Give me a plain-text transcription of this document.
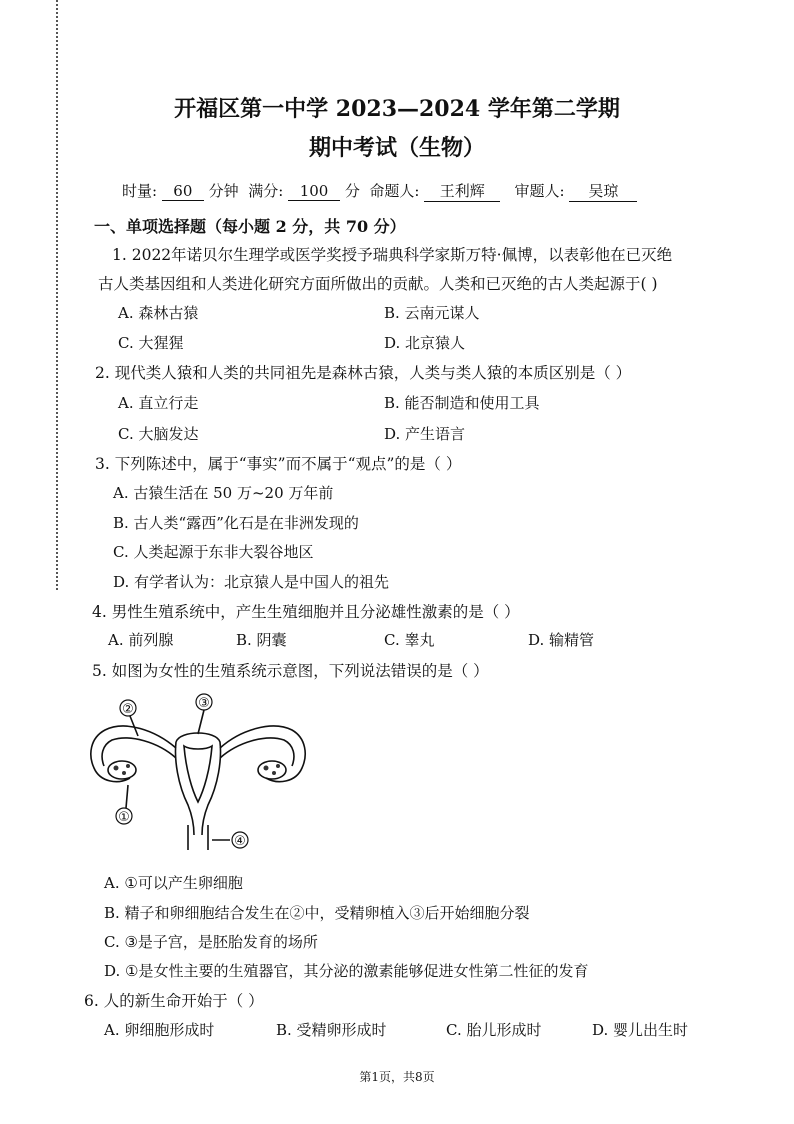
开福区第一中学 2023—2024 学年第二学期
期中考试（生物）
时量: 60 分钟 满分: 100 分 命题人: 王利辉 审题人: 吴琼
一、单项选择题（每小题 2 分，共 70 分）
1. 2022年诺贝尔生理学或医学奖授予瑞典科学家斯万特·佩博，以表彰他在已灭绝
古人类基因组和人类进化研究方面所做出的贡献。人类和已灭绝的古人类起源于( )
A. 森林古猿	B. 云南元谋人
C. 大猩猩	D. 北京猿人
2. 现代类人猿和人类的共同祖先是森林古猿，人类与类人猿的本质区别是（ ）
A. 直立行走	B. 能否制造和使用工具
C. 大脑发达	D. 产生语言
3. 下列陈述中，属于“事实”而不属于“观点”的是（ ）
A. 古猿生活在 50 万~20 万年前
B. 古人类“露西”化石是在非洲发现的
C. 人类起源于东非大裂谷地区
D. 有学者认为：北京猿人是中国人的祖先
4. 男性生殖系统中，产生生殖细胞并且分泌雄性激素的是（ ）
A. 前列腺	B. 阴囊	C. 睾丸	D. 输精管
5. 如图为女性的生殖系统示意图，下列说法错误的是（ ）
①
②	③
④
A. ①可以产生卵细胞
B. 精子和卵细胞结合发生在②中，受精卵植入③后开始细胞分裂
C. ③是子宫，是胚胎发育的场所
D. ①是女性主要的生殖器官，其分泌的激素能够促进女性第二性征的发育
6. 人的新生命开始于（ ）
A. 卵细胞形成时	B. 受精卵形成时	C. 胎儿形成时	D. 婴儿出生时
第1页，共8页
